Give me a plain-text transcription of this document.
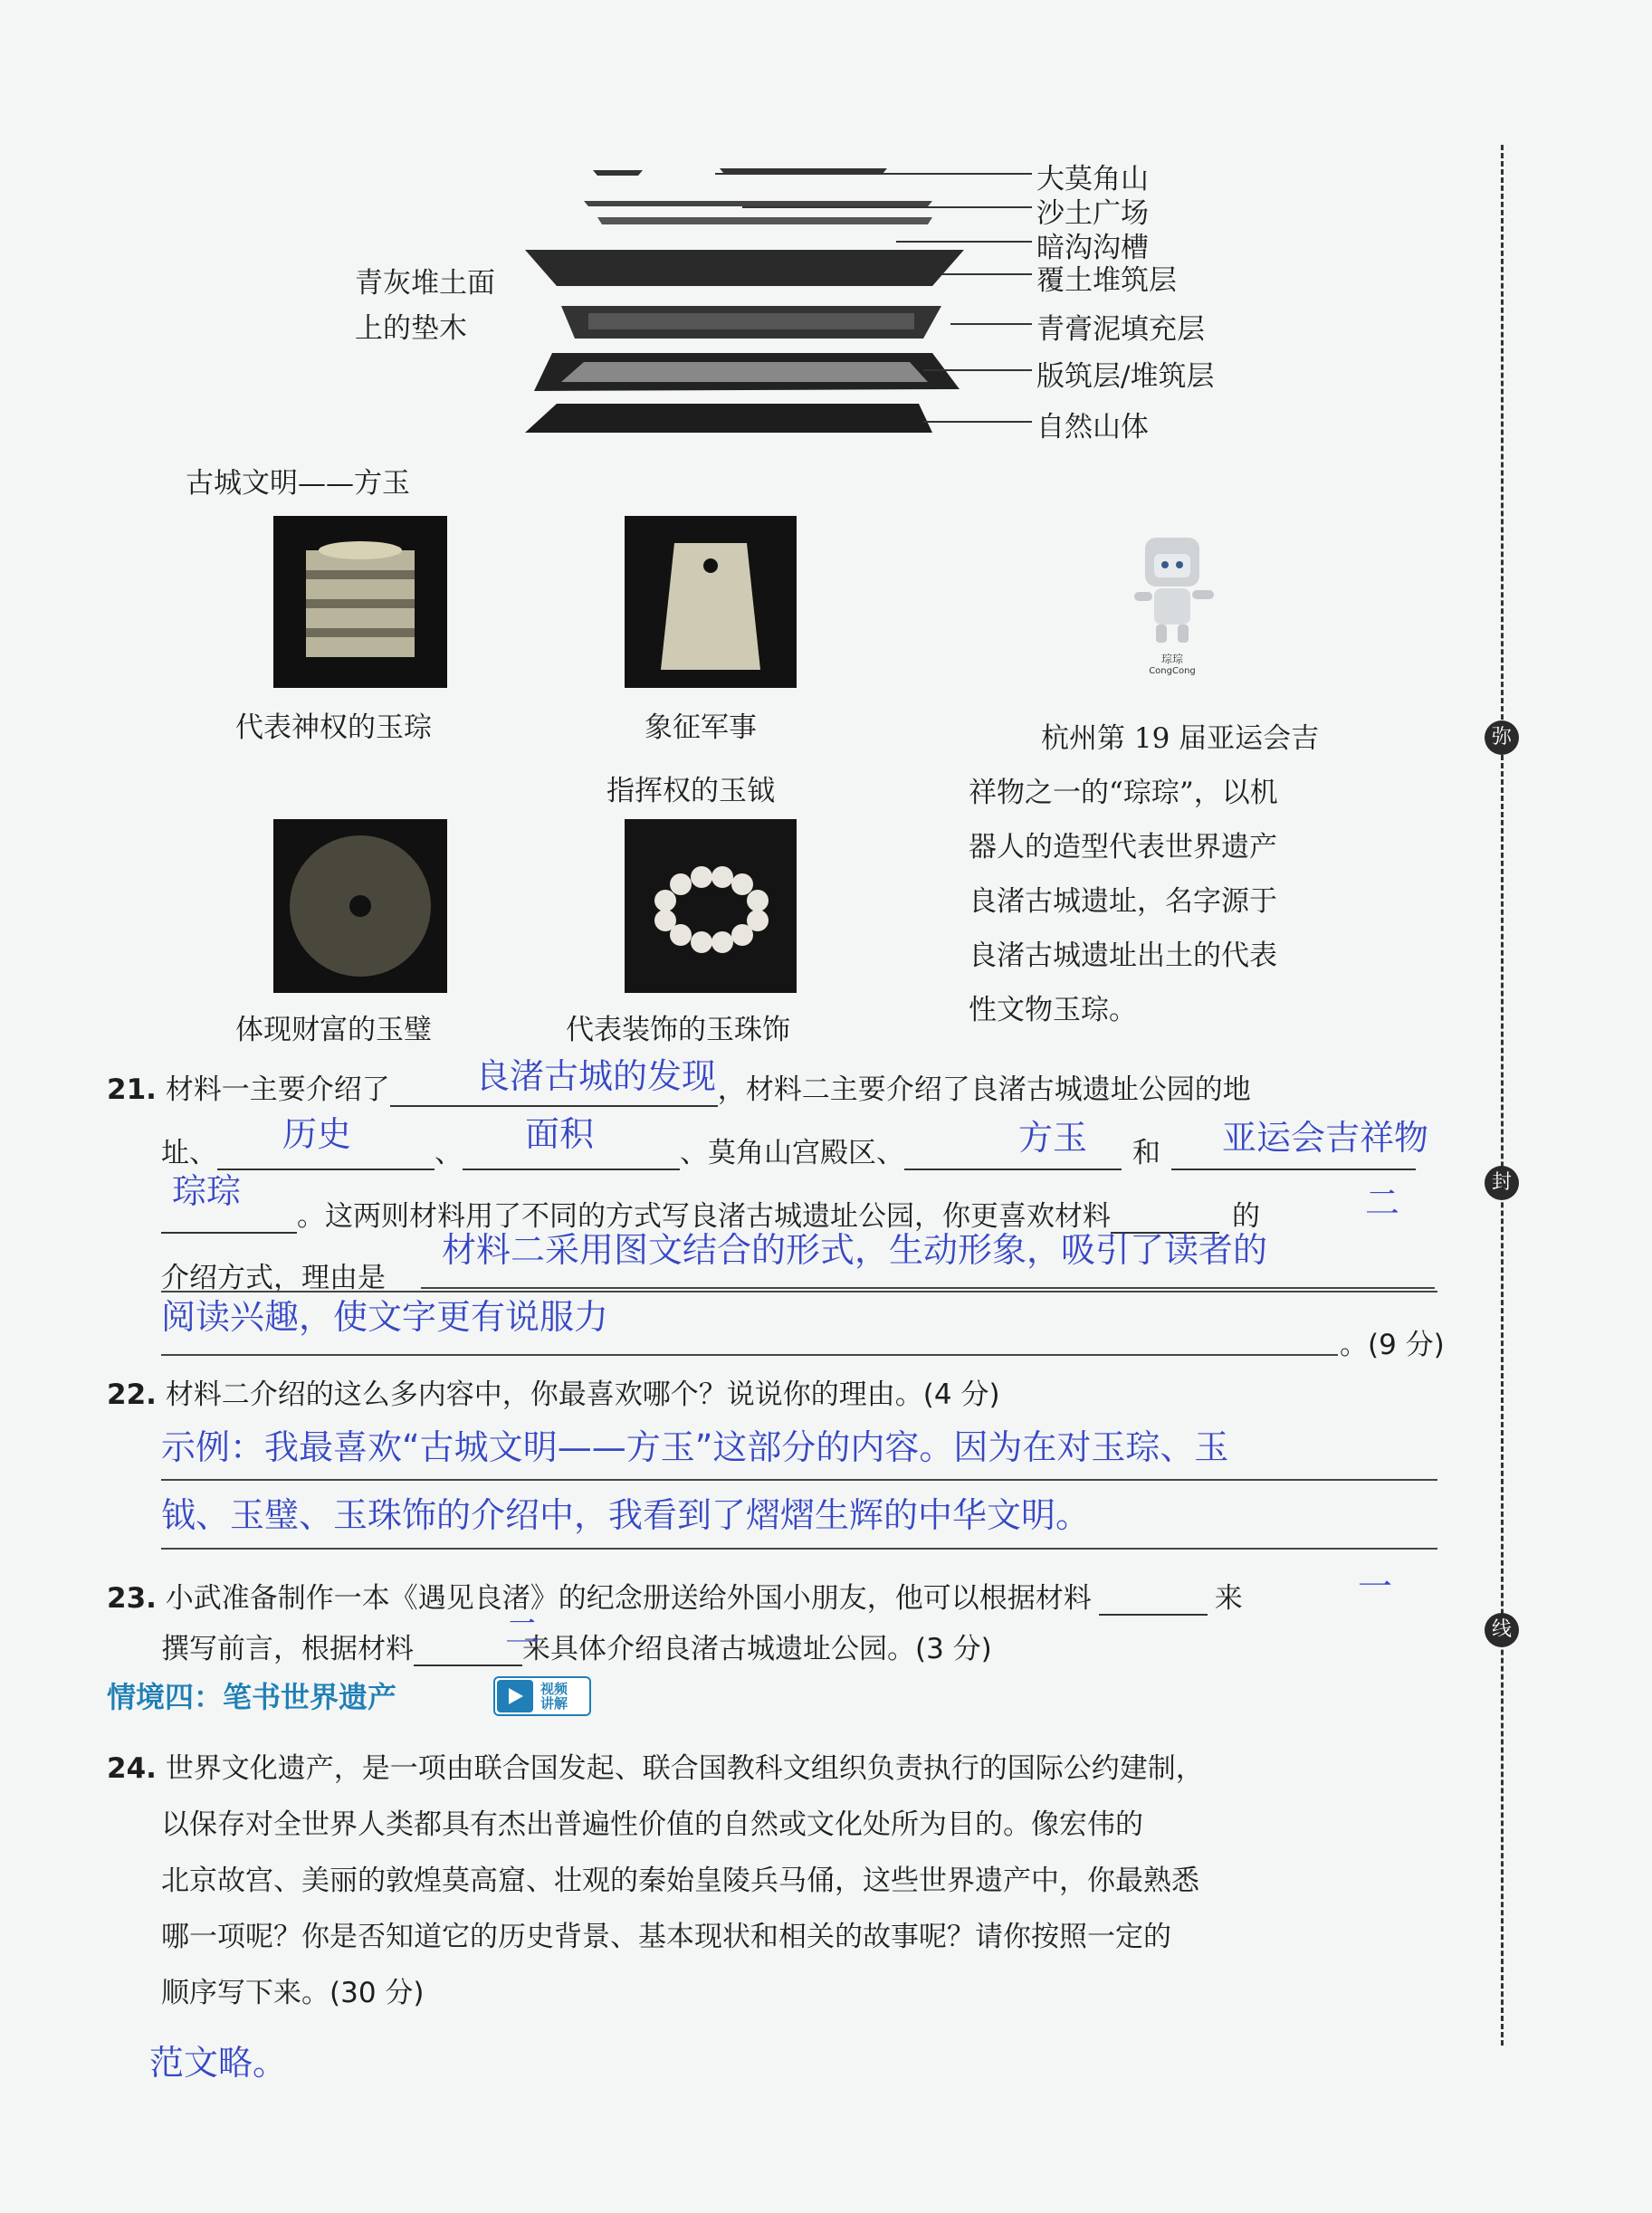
大莫角山
沙土广场
暗沟沟槽
覆土堆筑层
青膏泥填充层
版筑层/堆筑层
自然山体
青灰堆土面
上的垫木
古城文明——方玉
代表神权的玉琮	象征军事
指挥权的玉钺
体现财富的玉璧	代表装饰的玉珠饰
琮琮
CongCong
杭州第 19 届亚运会吉
祥物之一的“琮琮”，以机
器人的造型代表世界遗产
良渚古城遗址，名字源于
良渚古城遗址出土的代表
性文物玉琮。
弥
封
线
21. 材料一主要介绍了	，材料二主要介绍了良渚古城遗址公园的地
良渚古城的发现
址、	、	、莫角山宫殿区、	和
历史	面积	方玉	亚运会吉祥物
。这两则材料用了不同的方式写良渚古城遗址公园，你更喜欢材料	的
琮琮	二
介绍方式，理由是
材料二采用图文结合的形式，生动形象，吸引了读者的
阅读兴趣，使文字更有说服力
。(9 分)
22. 材料二介绍的这么多内容中，你最喜欢哪个？说说你的理由。(4 分)
示例：我最喜欢“古城文明——方玉”这部分的内容。因为在对玉琮、玉
钺、玉璧、玉珠饰的介绍中，我看到了熠熠生辉的中华文明。
23. 小武准备制作一本《遇见良渚》的纪念册送给外国小朋友，他可以根据材料	来	一
撰写前言，根据材料	来具体介绍良渚古城遗址公园。(3 分)
二
情境四：笔书世界遗产	视频
讲解
24. 世界文化遗产，是一项由联合国发起、联合国教科文组织负责执行的国际公约建制，
以保存对全世界人类都具有杰出普遍性价值的自然或文化处所为目的。像宏伟的
北京故宫、美丽的敦煌莫高窟、壮观的秦始皇陵兵马俑，这些世界遗产中，你最熟悉
哪一项呢？你是否知道它的历史背景、基本现状和相关的故事呢？请你按照一定的
顺序写下来。(30 分)
范文略。
